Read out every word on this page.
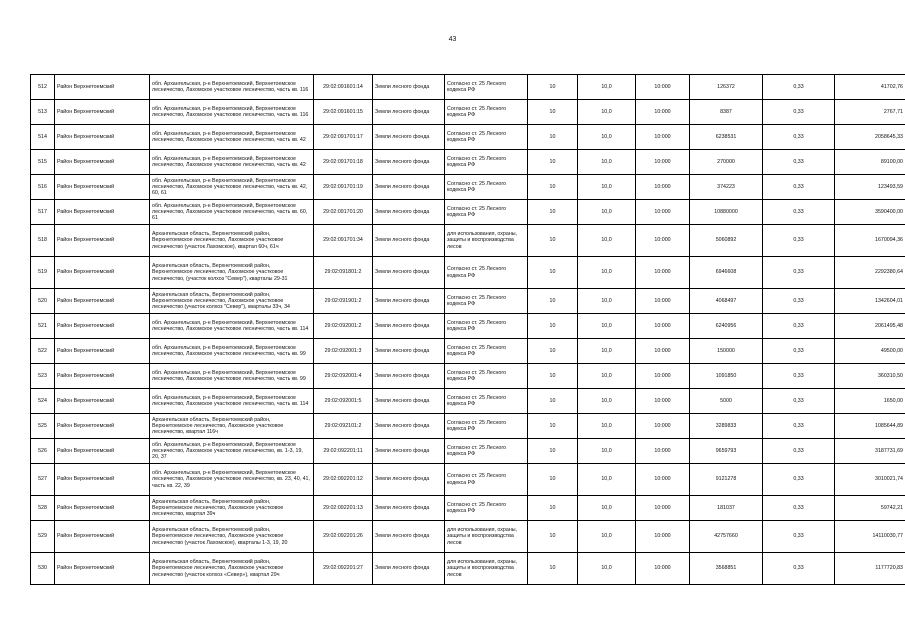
43
512	Район Верхнетоемский	обл. Архангельская, р-н Верхнетоемский, Верхнетоемское лесничество, Лахомское участковое лесничество, часть кв. 116	29:02:091601:14	Земли лесного фонда	Согласно ст. 25 Лесного кодекса РФ	10	10,0	10:000	126372	0,33	41702,76
513	Район Верхнетоемский	обл. Архангельская, р-н Верхнетоемский, Верхнетоемское лесничество, Лахомское участковое лесничество, часть кв. 116	29:02:091601:15	Земли лесного фонда	Согласно ст. 25 Лесного кодекса РФ	10	10,0	10:000	8387	0,33	2767,71
514	Район Верхнетоемский	обл. Архангельская, р-н Верхнетоемский, Верхнетоемское лесничество, Лахомское участковое лесничество, часть кв. 42	29:02:091701:17	Земли лесного фонда	Согласно ст. 25 Лесного кодекса РФ	10	10,0	10:000	6238531	0,33	2058645,33
515	Район Верхнетоемский	обл. Архангельская, р-н Верхнетоемский, Верхнетоемское лесничество, Лахомское участковое лесничество, часть кв. 42	29:02:091701:18	Земли лесного фонда	Согласно ст. 25 Лесного кодекса РФ	10	10,0	10:000	270000	0,33	89100,00
516	Район Верхнетоемский	обл. Архангельская, р-н Верхнетоемский, Верхнетоемское лесничество, Лахомское участковое лесничество, часть кв. 42, 60, 61	29:02:091701:19	Земли лесного фонда	Согласно ст. 25 Лесного кодекса РФ	10	10,0	10:000	374223	0,33	123493,59
517	Район Верхнетоемский	обл. Архангельская, р-н Верхнетоемский, Верхнетоемское лесничество, Лахомское участковое лесничество, часть кв. 60, 61	29:02:091701:20	Земли лесного фонда	Согласно ст. 25 Лесного кодекса РФ	10	10,0	10:000	10880000	0,33	3590400,00
518	Район Верхнетоемский	Архангельская область, Верхнетоемский район, Верхнетоемское лесничество, Лахомское участковое лесничество (участок Лахомское), квартал 60ч, 61ч	29:02:091701:34	Земли лесного фонда	для использования, охраны, защиты и воспроизводства лесов	10	10,0	10:000	5060892	0,33	1670094,36
519	Район Верхнетоемский	Архангельская область, Верхнетоемский район, Верхнетоемское лесничество, Лахомское участковое лесничество, (участок колхоз "Север"), кварталы 29-31	29:02:091801:2	Земли лесного фонда	Согласно ст. 25 Лесного кодекса РФ	10	10,0	10:000	6946608	0,33	2292380,64
520	Район Верхнетоемский	Архангельская область, Верхнетоемский район, Верхнетоемское лесничество, Лахомское участковое лесничество (участок колхоз "Север"), кварталы 33ч, 34	29:02:091901:2	Земли лесного фонда	Согласно ст. 25 Лесного кодекса РФ	10	10,0	10:000	4068497	0,33	1342604,01
521	Район Верхнетоемский	обл. Архангельская, р-н Верхнетоемский, Верхнетоемское лесничество, Лахомское участковое лесничество, часть кв. 114	29:02:092001:2	Земли лесного фонда	Согласно ст. 25 Лесного кодекса РФ	10	10,0	10:000	6240956	0,33	2061495,48
522	Район Верхнетоемский	обл. Архангельская, р-н Верхнетоемский, Верхнетоемское лесничество, Лахомское участковое лесничество, часть кв. 99	29:02:092001:3	Земли лесного фонда	Согласно ст. 25 Лесного кодекса РФ	10	10,0	10:000	150000	0,33	49500,00
523	Район Верхнетоемский	обл. Архангельская, р-н Верхнетоемский, Верхнетоемское лесничество, Лахомское участковое лесничество, часть кв. 99	29:02:092001:4	Земли лесного фонда	Согласно ст. 25 Лесного кодекса РФ	10	10,0	10:000	1091850	0,33	360310,50
524	Район Верхнетоемский	обл. Архангельская, р-н Верхнетоемский, Верхнетоемское лесничество, Лахомское участковое лесничество, часть кв. 114	29:02:092001:5	Земли лесного фонда	Согласно ст. 25 Лесного кодекса РФ	10	10,0	10:000	5000	0,33	1650,00
525	Район Верхнетоемский	Архангельская область, Верхнетоемский район, Верхнетоемское лесничество, Лахомское участковое лесничество, квартал 116ч	29:02:092101:2	Земли лесного фонда	Согласно ст. 25 Лесного кодекса РФ	10	10,0	10:000	3289833	0,33	1085644,89
526	Район Верхнетоемский	обл. Архангельская, р-н Верхнетоемский, Верхнетоемское лесничество, Лахомское участковое лесничество, кв. 1-3, 19, 20, 37	29:02:092201:11	Земли лесного фонда	Согласно ст. 25 Лесного кодекса РФ	10	10,0	10:000	9659793	0,33	3187731,69
527	Район Верхнетоемский	обл. Архангельская, р-н Верхнетоемский, Верхнетоемское лесничество, Лахомское участковое лесничество, кв. 23, 40, 41, часть кв. 22, 39	29:02:092201:12	Земли лесного фонда	Согласно ст. 25 Лесного кодекса РФ	10	10,0	10:000	9121278	0,33	3010021,74
528	Район Верхнетоемский	Архангельская область, Верхнетоемский район, Верхнетоемское лесничество, Лахомское участковое лесничество, квартал 39ч	29:02:092201:13	Земли лесного фонда	Согласно ст. 25 Лесного кодекса РФ	10	10,0	10:000	181037	0,33	59742,21
529	Район Верхнетоемский	Архангельская область, Верхнетоемский район, Верхнетоемское лесничество, Лахомское участковое лесничество (участок Лахомское), кварталы 1-3, 19, 20	29:02:092201:26	Земли лесного фонда	для использования, охраны, защиты и воспроизводства лесов	10	10,0	10:000	42757660	0,33	14110030,77
530	Район Верхнетоемский	Архангельская область, Верхнетоемский район, Верхнетоемское лесничество, Лахомское участковое лесничество (участок колхоз «Север»), квартал 29ч	29:02:092201:27	Земли лесного фонда	для использования, охраны, защиты и воспроизводства лесов	10	10,0	10:000	3568851	0,33	1177720,83
